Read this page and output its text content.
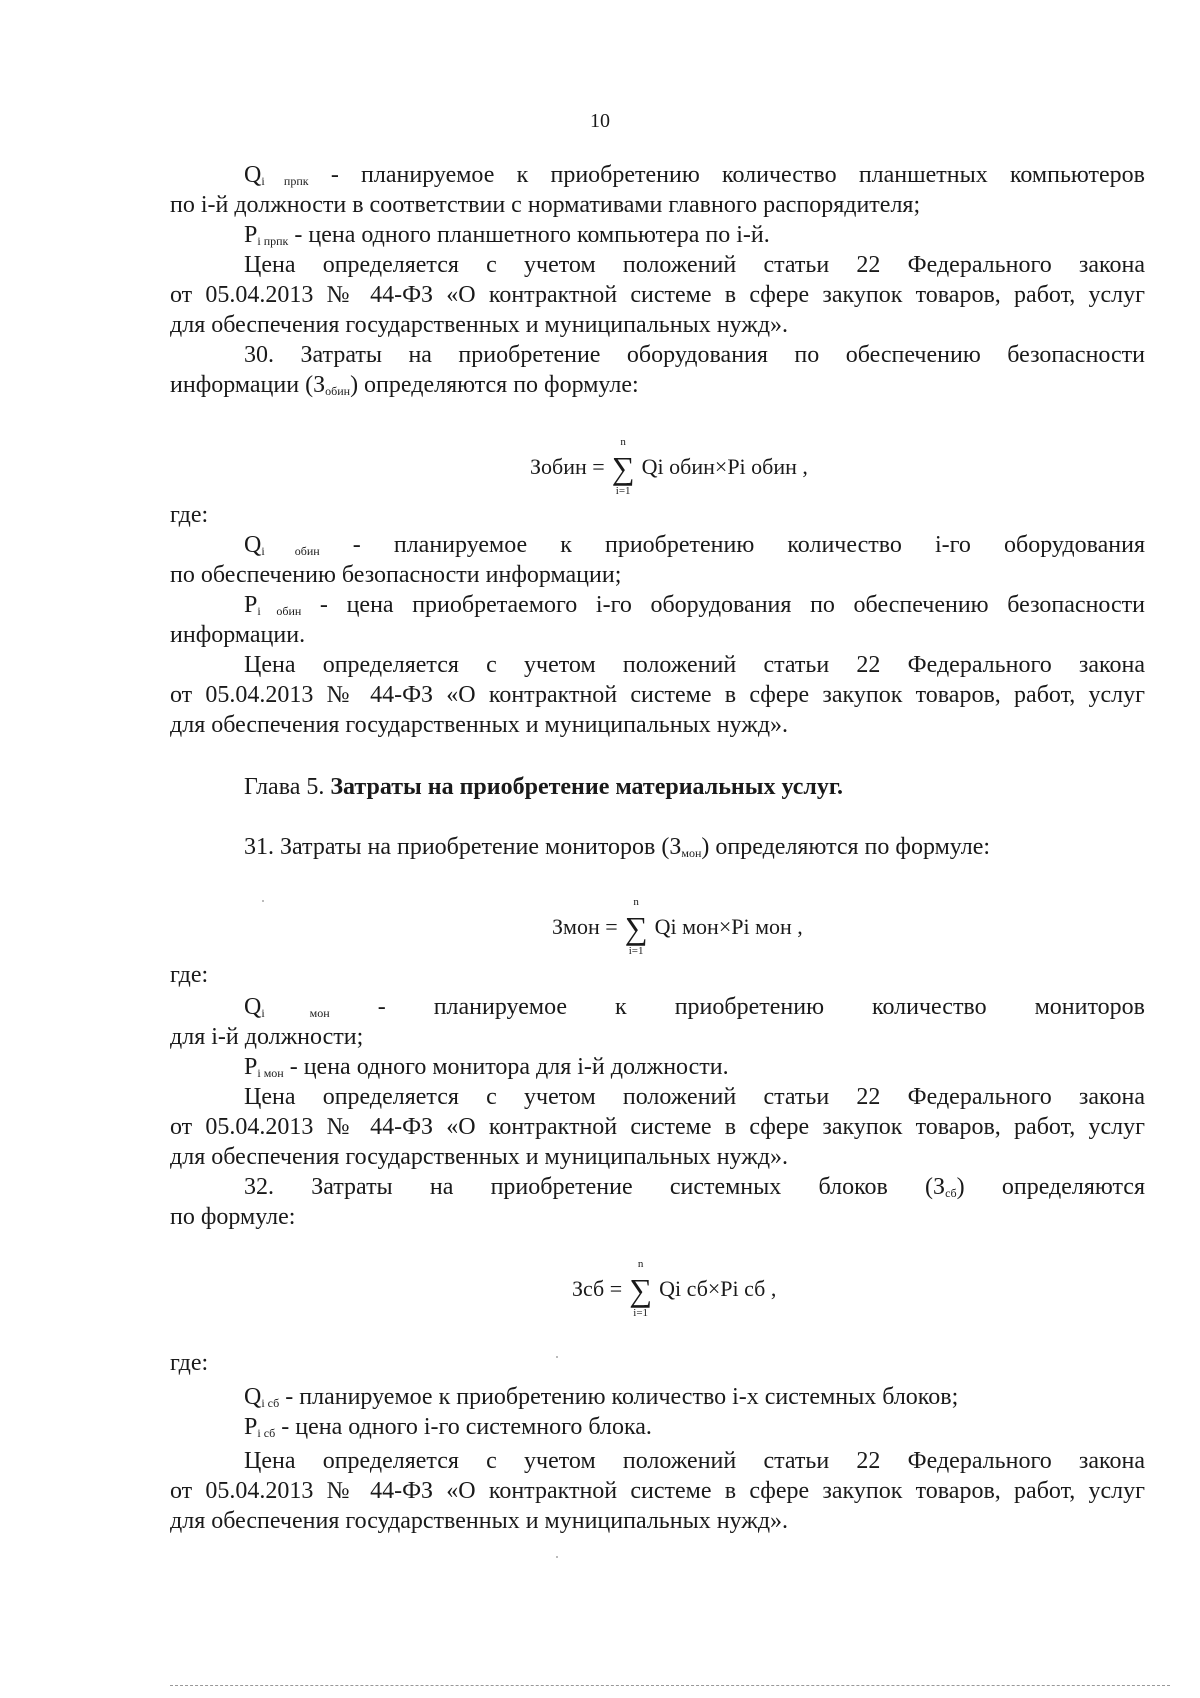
10
$Q_{i прпк}$ - планируемое к приобретению количество планшетных компьютеров
по i-й должности в соответствии с нормативами главного распорядителя;
$P_{i прпк}$ - цена одного планшетного компьютера по i-й.
Цена определяется с учетом положений статьи 22 Федерального закона
от 05.04.2013 № 44-ФЗ «О контрактной системе в сфере закупок товаров, работ, услуг
для обеспечения государственных и муниципальных нужд».
30. Затраты на приобретение оборудования по обеспечению безопасности
информации $(З_{обин})$ определяются по формуле:
Зобин = ∑
n
i=1
Qi обин×Pi обин ,
где:
$Q_{i обин}$ - планируемое к приобретению количество i-го оборудования
по обеспечению безопасности информации;
$P_{i обин}$ - цена приобретаемого i-го оборудования по обеспечению безопасности
информации.
Цена определяется с учетом положений статьи 22 Федерального закона
от 05.04.2013 № 44-ФЗ «О контрактной системе в сфере закупок товаров, работ, услуг
для обеспечения государственных и муниципальных нужд».
Глава 5. Затраты на приобретение материальных услуг.
31. Затраты на приобретение мониторов $(З_{мон})$ определяются по формуле:
Змон = ∑
n
i=1
Qi мон×Pi мон ,
где:
$Q_{i мон}$ - планируемое к приобретению количество мониторов
для i-й должности;
$P_{i мон}$ - цена одного монитора для i-й должности.
Цена определяется с учетом положений статьи 22 Федерального закона
от 05.04.2013 № 44-ФЗ «О контрактной системе в сфере закупок товаров, работ, услуг
для обеспечения государственных и муниципальных нужд».
32. Затраты на приобретение системных блоков $(З_{сб})$ определяются
по формуле:
Зсб = ∑
n
i=1
Qi сб×Pi сб ,
где:
$Q_{i сб}$ - планируемое к приобретению количество i-х системных блоков;
$P_{i сб}$ - цена одного i-го системного блока.
Цена определяется с учетом положений статьи 22 Федерального закона
от 05.04.2013 № 44-ФЗ «О контрактной системе в сфере закупок товаров, работ, услуг
для обеспечения государственных и муниципальных нужд».
